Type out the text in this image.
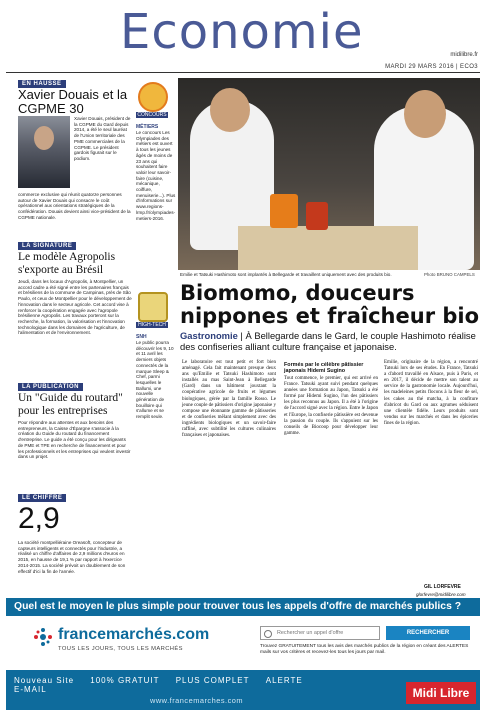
Economie	midilibre.fr
MARDI 29 MARS 2016 | ECO3
EN HAUSSE
Xavier Douais et la CGPME 30
Xavier Douais, président de la CGPME du Gard depuis 2014, a été le seul lauréat de l'Union territoriale des PME commerciales de la CGPME. Le président gardois figurait sur le podium.
commerce exclusive qui réunit quatorze personnes autour de Xavier Douais qui consacre le coût opérationnel aux orientations stratégiques de la confédération. Douais devient ainsi vice-président de la CGPME nationale.
LA SIGNATURE
Le modèle Agropolis s'exporte au Brésil
Jeudi, dans les locaux d'Agropolis, à Montpellier, un accord cadre a été signé entre les partenaires français et brésiliens de la commune de Campinas, près de São Paulo, et ceux de Montpellier pour le développement de l'innovation dans le secteur agricole. Cet accord vise à renforcer la coopération engagée avec l'agropole brésilienne Agropolis. Les travaux porteront sur la recherche, la formation, la valorisation et l'innovation technologique dans les domaines de l'agriculture, de l'alimentation et de l'environnement.
LA PUBLICATION
Un "Guide du routard" pour les entreprises
Pour répondre aux attentes et aux besoins des entrepreneurs, la Caisse d'Épargne s'associe à la création du Guide du routard du financement d'entreprise. Le guide a été conçu pour les dirigeants de PME et TPE en recherche de financement et pour les professionnels et les entreprises qui veulent investir dans un projet.
LE CHIFFRE
2,9
La société montpelliéraine Oreasoft, concepteur de capteurs intelligents et connectés pour l'industrie, a réalisé un chiffre d'affaires de 2,9 millions d'euros en 2015, en hausse de 19,1 % par rapport à l'exercice 2014-2015. La société prévoit un doublement de son effectif d'ici la fin de l'année.
CONCOURS
MÉTIERS
Le concours Les Olympiades des métiers est ouvert à tous les jeunes âgés de moins de 23 ans qui souhaitent faire valoir leur savoir-faire (cuisine, mécanique, coiffure, menuiserie...). Plus d'informations sur www.regions-lrmp.fr/olympiades-metiers-2016.
HIGH-TECH
SNH
Le public pourra découvrir les 9, 10 et 11 avril les derniers objets connectés de la marque Sleep & Chef, parmi lesquelles le Ballumi, une nouvelle génération de bouilloire qui s'allume et se remplit seule.
Emilie et Tatsuki Hashimoto sont implantés à Bellegarde et travaillent uniquement avec des produits bio.	Photo BRUNO CAMPELS
Biomomo, douceurs nippones et fraîcheur bio
Gastronomie | À Bellegarde dans le Gard, le couple Hashimoto réalise des confiseries alliant culture française et japonaise.
Le laboratoire est tout petit et fort bien aménagé. Cela fait maintenant presque deux ans qu'Emilie et Tatsuki Hashimoto sont installés au mas Saint-Jean à Bellegarde (Gard) dans un bâtiment jouxtant la coopérative agricole de fruits et légumes biologiques, gérée par la famille Rosso. Le jeune couple de pâtissiers d'origine japonaise y compose une étonnante gamme de pâtisseries et de confiseries mêlant simplement avec des ingrédients biologiques et un savoir-faire raffiné, avec subtilité les cultures culinaires françaises et japonaises.
Formés par le célèbre pâtissier japonais Hidemi Sugino
Tout commence, le premier, qui est arrivé en France. Tatsuki ayant suivi pendant quelques années une formation au Japon, Tatsuki a été formé par Hidemi Sugino, l'un des pâtissiers les plus reconnus au Japon. Il a été à l'origine de l'accord signé avec la région. Entre le Japon et l'Europe, la confiserie pâtissière est devenue la passion du couple. Ils s'appuient sur les conseils de Biocoop pour développer leur gamme.
Emilie, originaire de la région, a rencontré Tatsuki lors de ses études. En France, Tatsuki a d'abord travaillé en Alsace, puis à Paris, et en 2017, il décide de mettre son talent au service de la gastronomie locale. Aujourd'hui, les madeleines petits flocons à la fleur de sel, les cakes au thé matcha, à la confiture d'abricot du Gard ou aux agrumes séduisent une clientèle fidèle. Leurs produits sont vendus sur les marchés et dans les épiceries fines de la région.
GIL LORFEVRE
glorfevre@midilibre.com
Quel est le moyen le plus simple pour trouver tous les appels d'offre de marchés publics ?
francemarchés.com
TOUS LES JOURS, TOUS LES MARCHÉS
Rechercher un appel d'offre
RECHERCHER
Trouvez GRATUITEMENT tous les avis des marchés publics de la région en créant des ALERTES mails sur vos critères et recevez-les tous les jours par mail.
Nouveau Site 100% GRATUIT PLUS COMPLET ALERTE E-MAIL
www.francemarches.com
Midi Libre
